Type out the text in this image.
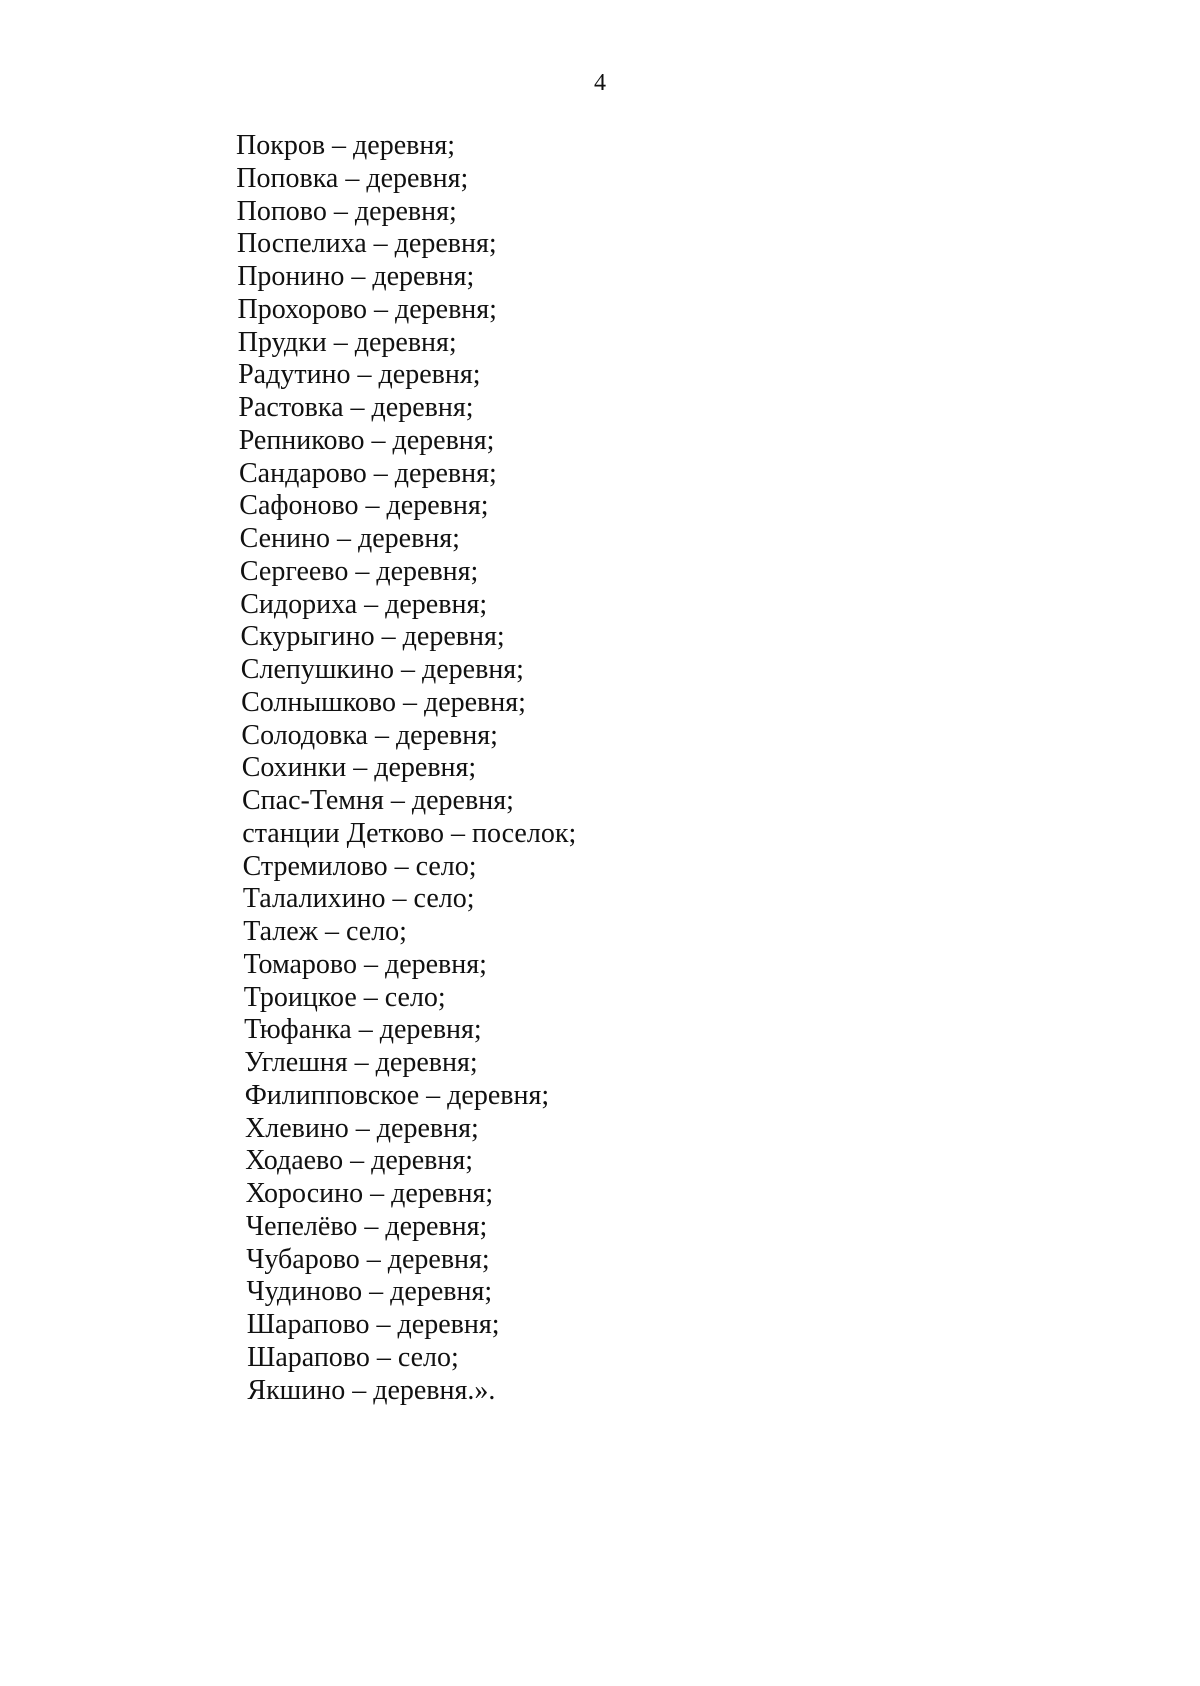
4
Покров – деревня;
Поповка – деревня;
Попово – деревня;
Поспелиха – деревня;
Пронино – деревня;
Прохорово – деревня;
Прудки – деревня;
Радутино – деревня;
Растовка – деревня;
Репниково – деревня;
Сандарово – деревня;
Сафоново – деревня;
Сенино – деревня;
Сергеево – деревня;
Сидориха – деревня;
Скурыгино – деревня;
Слепушкино – деревня;
Солнышково – деревня;
Солодовка – деревня;
Сохинки – деревня;
Спас-Темня – деревня;
станции Детково – поселок;
Стремилово – село;
Талалихино – село;
Талеж – село;
Томарово – деревня;
Троицкое – село;
Тюфанка – деревня;
Углешня – деревня;
Филипповское – деревня;
Хлевино – деревня;
Ходаево – деревня;
Хоросино – деревня;
Чепелёво – деревня;
Чубарово – деревня;
Чудиново – деревня;
Шарапово – деревня;
Шарапово – село;
Якшино – деревня.».
